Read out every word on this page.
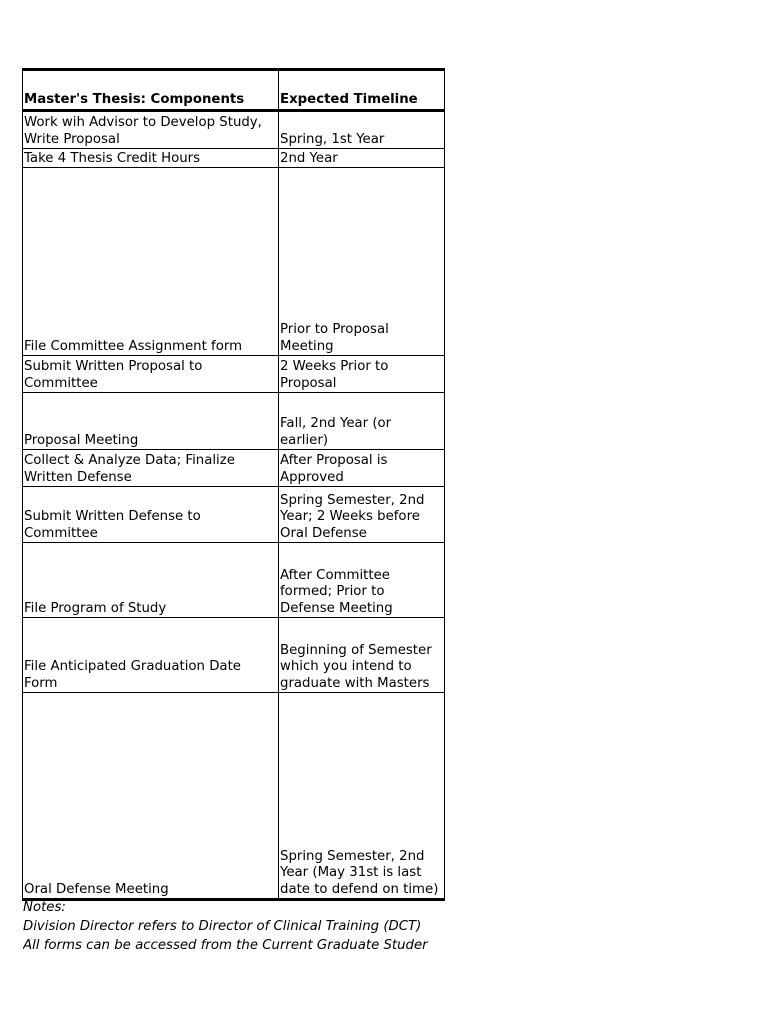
Master's Thesis: Components	Expected Timeline
Work wih Advisor to Develop Study, Write Proposal	Spring, 1st Year
Take 4 Thesis Credit Hours	2nd Year
File Committee Assignment form	Prior to Proposal Meeting
Submit Written Proposal to Committee	2 Weeks Prior to Proposal
Proposal Meeting	Fall, 2nd Year (or earlier)
Collect & Analyze Data; Finalize Written Defense	After Proposal is Approved
Submit Written Defense to Committee	Spring Semester, 2nd Year; 2 Weeks before Oral Defense
File Program of Study	After Committee formed; Prior to Defense Meeting
File Anticipated Graduation Date Form	Beginning of Semester which you intend to graduate with Masters
Oral Defense Meeting	Spring Semester, 2nd Year (May 31st is last date to defend on time)
Notes:
Division Director refers to Director of Clinical Training (DCT)
All forms can be accessed from the Current Graduate Studer
